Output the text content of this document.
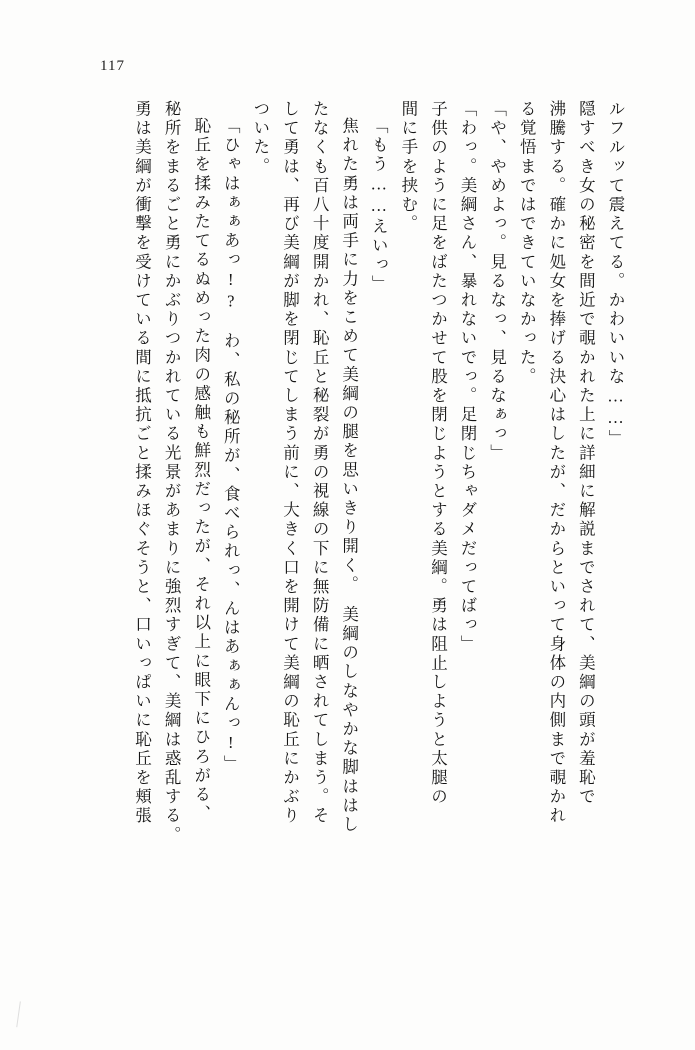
117
ルフルッて震えてる。かわいいな……」
隠すべき女の秘密を間近で覗かれた上に詳細に解説までされて、美綱の頭が羞恥で
沸騰する。確かに処女を捧げる決心はしたが、だからといって身体の内側まで覗かれ
る覚悟まではできていなかった。
「や、やめよっ。見るなっ、見るなぁっ」
「わっ。美綱さん、暴れないでっ。足閉じちゃダメだってばっ」
子供のように足をばたつかせて股を閉じようとする美綱。勇は阻止しようと太腿の
間に手を挟む。
「もう……えいっ」
焦れた勇は両手に力をこめて美綱の腿を思いきり開く。　美綱のしなやかな脚ははし
たなくも百八十度開かれ、恥丘と秘裂が勇の視線の下に無防備に晒されてしまう。そ
して勇は、再び美綱が脚を閉じてしまう前に、大きく口を開けて美綱の恥丘にかぶり
ついた。
「ひゃはぁぁあっ!?　わ、私の秘所が、食べられっ、んはあぁぁんっ!」
恥丘を揉みたてるぬめった肉の感触も鮮烈だったが、それ以上に眼下にひろがる、
秘所をまるごと勇にかぶりつかれている光景があまりに強烈すぎて、美綱は惑乱する。
勇は美綱が衝撃を受けている間に抵抗ごと揉みほぐそうと、口いっぱいに恥丘を頬張
